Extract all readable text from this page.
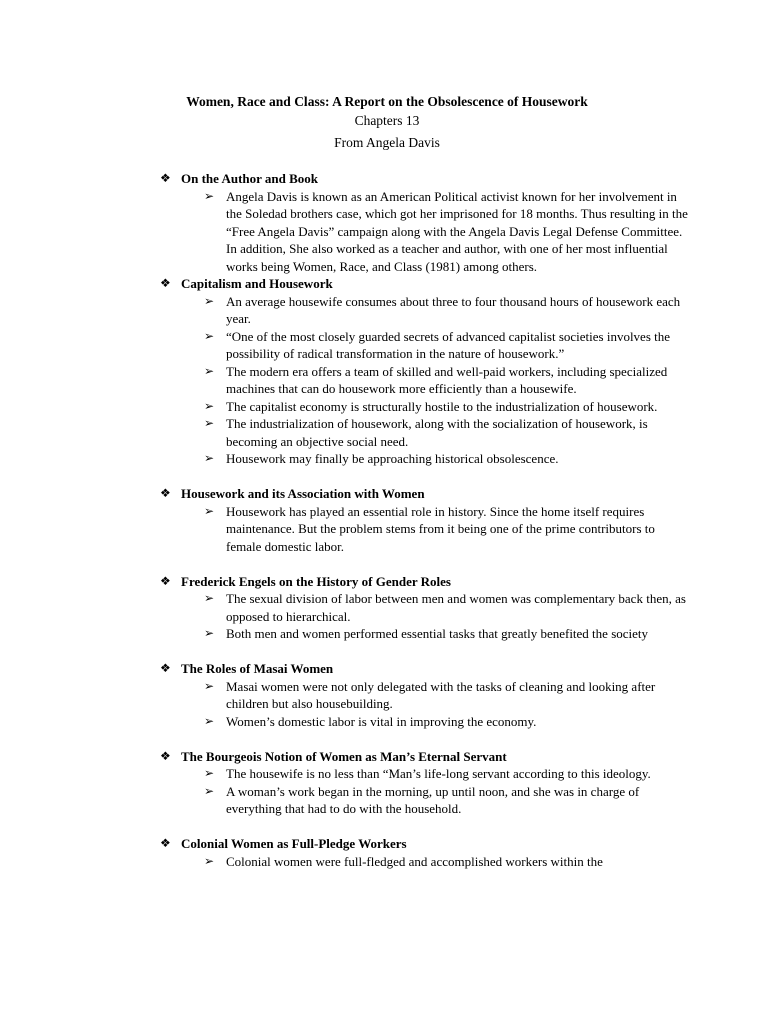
Women, Race and Class: A Report on the Obsolescence of Housework

Chapters 13

From Angela Davis

❖ On the Author and Book
➢ Angela Davis is known as an American Political activist known for her involvement in the Soledad brothers case, which got her imprisoned for 18 months. Thus resulting in the “Free Angela Davis” campaign along with the Angela Davis Legal Defense Committee. In addition, She also worked as a teacher and author, with one of her most influential works being Women, Race, and Class (1981) among others.
❖ Capitalism and Housework
➢ An average housewife consumes about three to four thousand hours of housework each year.
➢ “One of the most closely guarded secrets of advanced capitalist societies involves the possibility of radical transformation in the nature of housework.”
➢ The modern era offers a team of skilled and well-paid workers, including specialized machines that can do housework more efficiently than a housewife.
➢ The capitalist economy is structurally hostile to the industrialization of housework.
➢ The industrialization of housework, along with the socialization of housework, is becoming an objective social need.
➢ Housework may finally be approaching historical obsolescence.
❖ Housework and its Association with Women
➢ Housework has played an essential role in history. Since the home itself requires maintenance. But the problem stems from it being one of the prime contributors to female domestic labor.
❖ Frederick Engels on the History of Gender Roles
➢ The sexual division of labor between men and women was complementary back then, as opposed to hierarchical.
➢ Both men and women performed essential tasks that greatly benefited the society
❖ The Roles of Masai Women
➢ Masai women were not only delegated with the tasks of cleaning and looking after children but also housebuilding.
➢ Women’s domestic labor is vital in improving the economy.
❖ The Bourgeois Notion of Women as Man’s Eternal Servant
➢ The housewife is no less than “Man’s life-long servant according to this ideology.
➢ A woman’s work began in the morning, up until noon, and she was in charge of everything that had to do with the household.
❖ Colonial Women as Full-Pledge Workers
➢ Colonial women were full-fledged and accomplished workers within the
